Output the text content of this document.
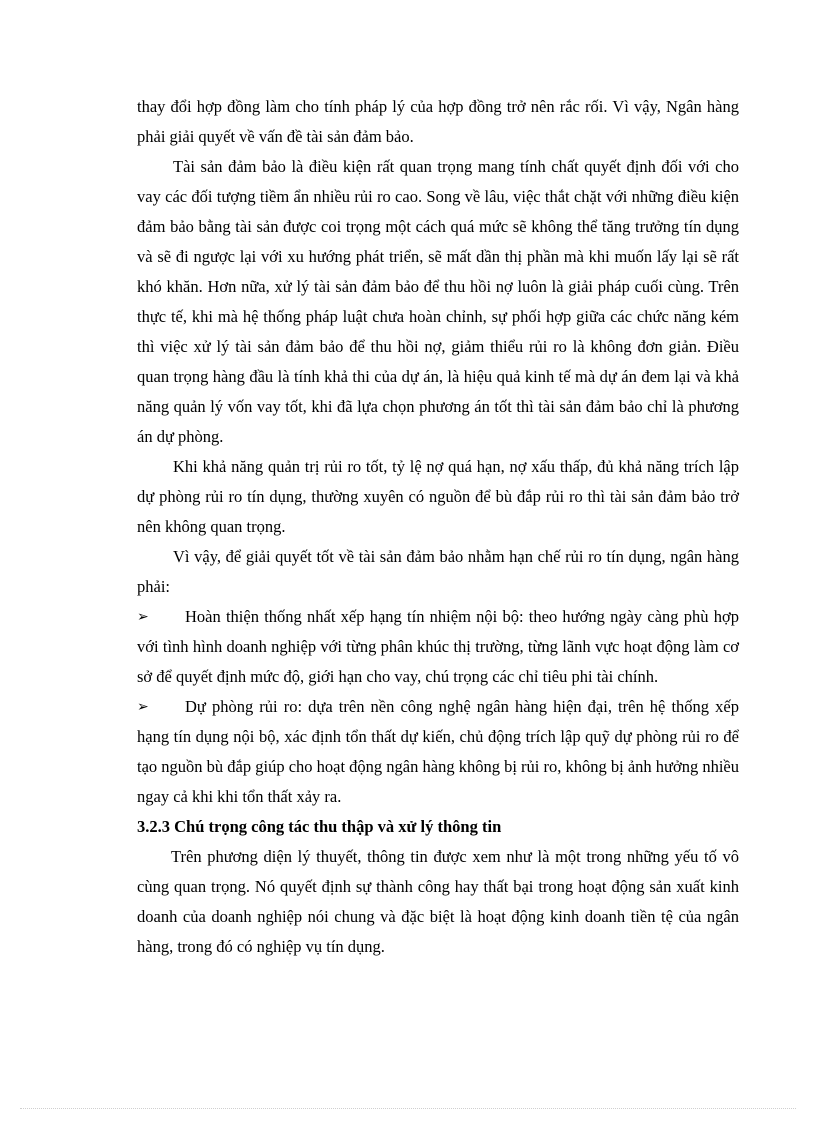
thay đổi hợp đồng làm cho tính pháp lý của hợp đồng trở nên rắc rối. Vì vậy, Ngân hàng phải giải quyết về vấn đề tài sản đảm bảo.

Tài sản đảm bảo là điều kiện rất quan trọng mang tính chất quyết định đối với cho vay các đối tượng tiềm ẩn nhiều rủi ro cao. Song về lâu, việc thắt chặt với những điều kiện đảm bảo bằng tài sản được coi trọng một cách quá mức sẽ không thể tăng trưởng tín dụng và sẽ đi ngược lại với xu hướng phát triển, sẽ mất dần thị phần mà khi muốn lấy lại sẽ rất khó khăn. Hơn nữa, xử lý tài sản đảm bảo để thu hồi nợ luôn là giải pháp cuối cùng. Trên thực tế, khi mà hệ thống pháp luật chưa hoàn chỉnh, sự phối hợp giữa các chức năng kém thì việc xử lý tài sản đảm bảo để thu hồi nợ, giảm thiểu rủi ro là không đơn giản. Điều quan trọng hàng đầu là tính khả thi của dự án, là hiệu quả kinh tế mà dự án đem lại và khả năng quản lý vốn vay tốt, khi đã lựa chọn phương án tốt thì tài sản đảm bảo chỉ là phương án dự phòng.

Khi khả năng quản trị rủi ro tốt, tỷ lệ nợ quá hạn, nợ xấu thấp, đủ khả năng trích lập dự phòng rủi ro tín dụng, thường xuyên có nguồn để bù đắp rủi ro thì tài sản đảm bảo trở nên không quan trọng.

Vì vậy, để giải quyết tốt về tài sản đảm bảo nhằm hạn chế rủi ro tín dụng, ngân hàng phải:

➢ Hoàn thiện thống nhất xếp hạng tín nhiệm nội bộ: theo hướng ngày càng phù hợp với tình hình doanh nghiệp với từng phân khúc thị trường, từng lãnh vực hoạt động làm cơ sở để quyết định mức độ, giới hạn cho vay, chú trọng các chỉ tiêu phi tài chính.

➢ Dự phòng rủi ro: dựa trên nền công nghệ ngân hàng hiện đại, trên hệ thống xếp hạng tín dụng nội bộ, xác định tổn thất dự kiến, chủ động trích lập quỹ dự phòng rủi ro để tạo nguồn bù đắp giúp cho hoạt động ngân hàng không bị rủi ro, không bị ảnh hưởng nhiều ngay cả khi khi tổn thất xảy ra.

3.2.3 Chú trọng công tác thu thập và xử lý thông tin

Trên phương diện lý thuyết, thông tin được xem như là một trong những yếu tố vô cùng quan trọng. Nó quyết định sự thành công hay thất bại trong hoạt động sản xuất kinh doanh của doanh nghiệp nói chung và đặc biệt là hoạt động kinh doanh tiền tệ của ngân hàng, trong đó có nghiệp vụ tín dụng.
